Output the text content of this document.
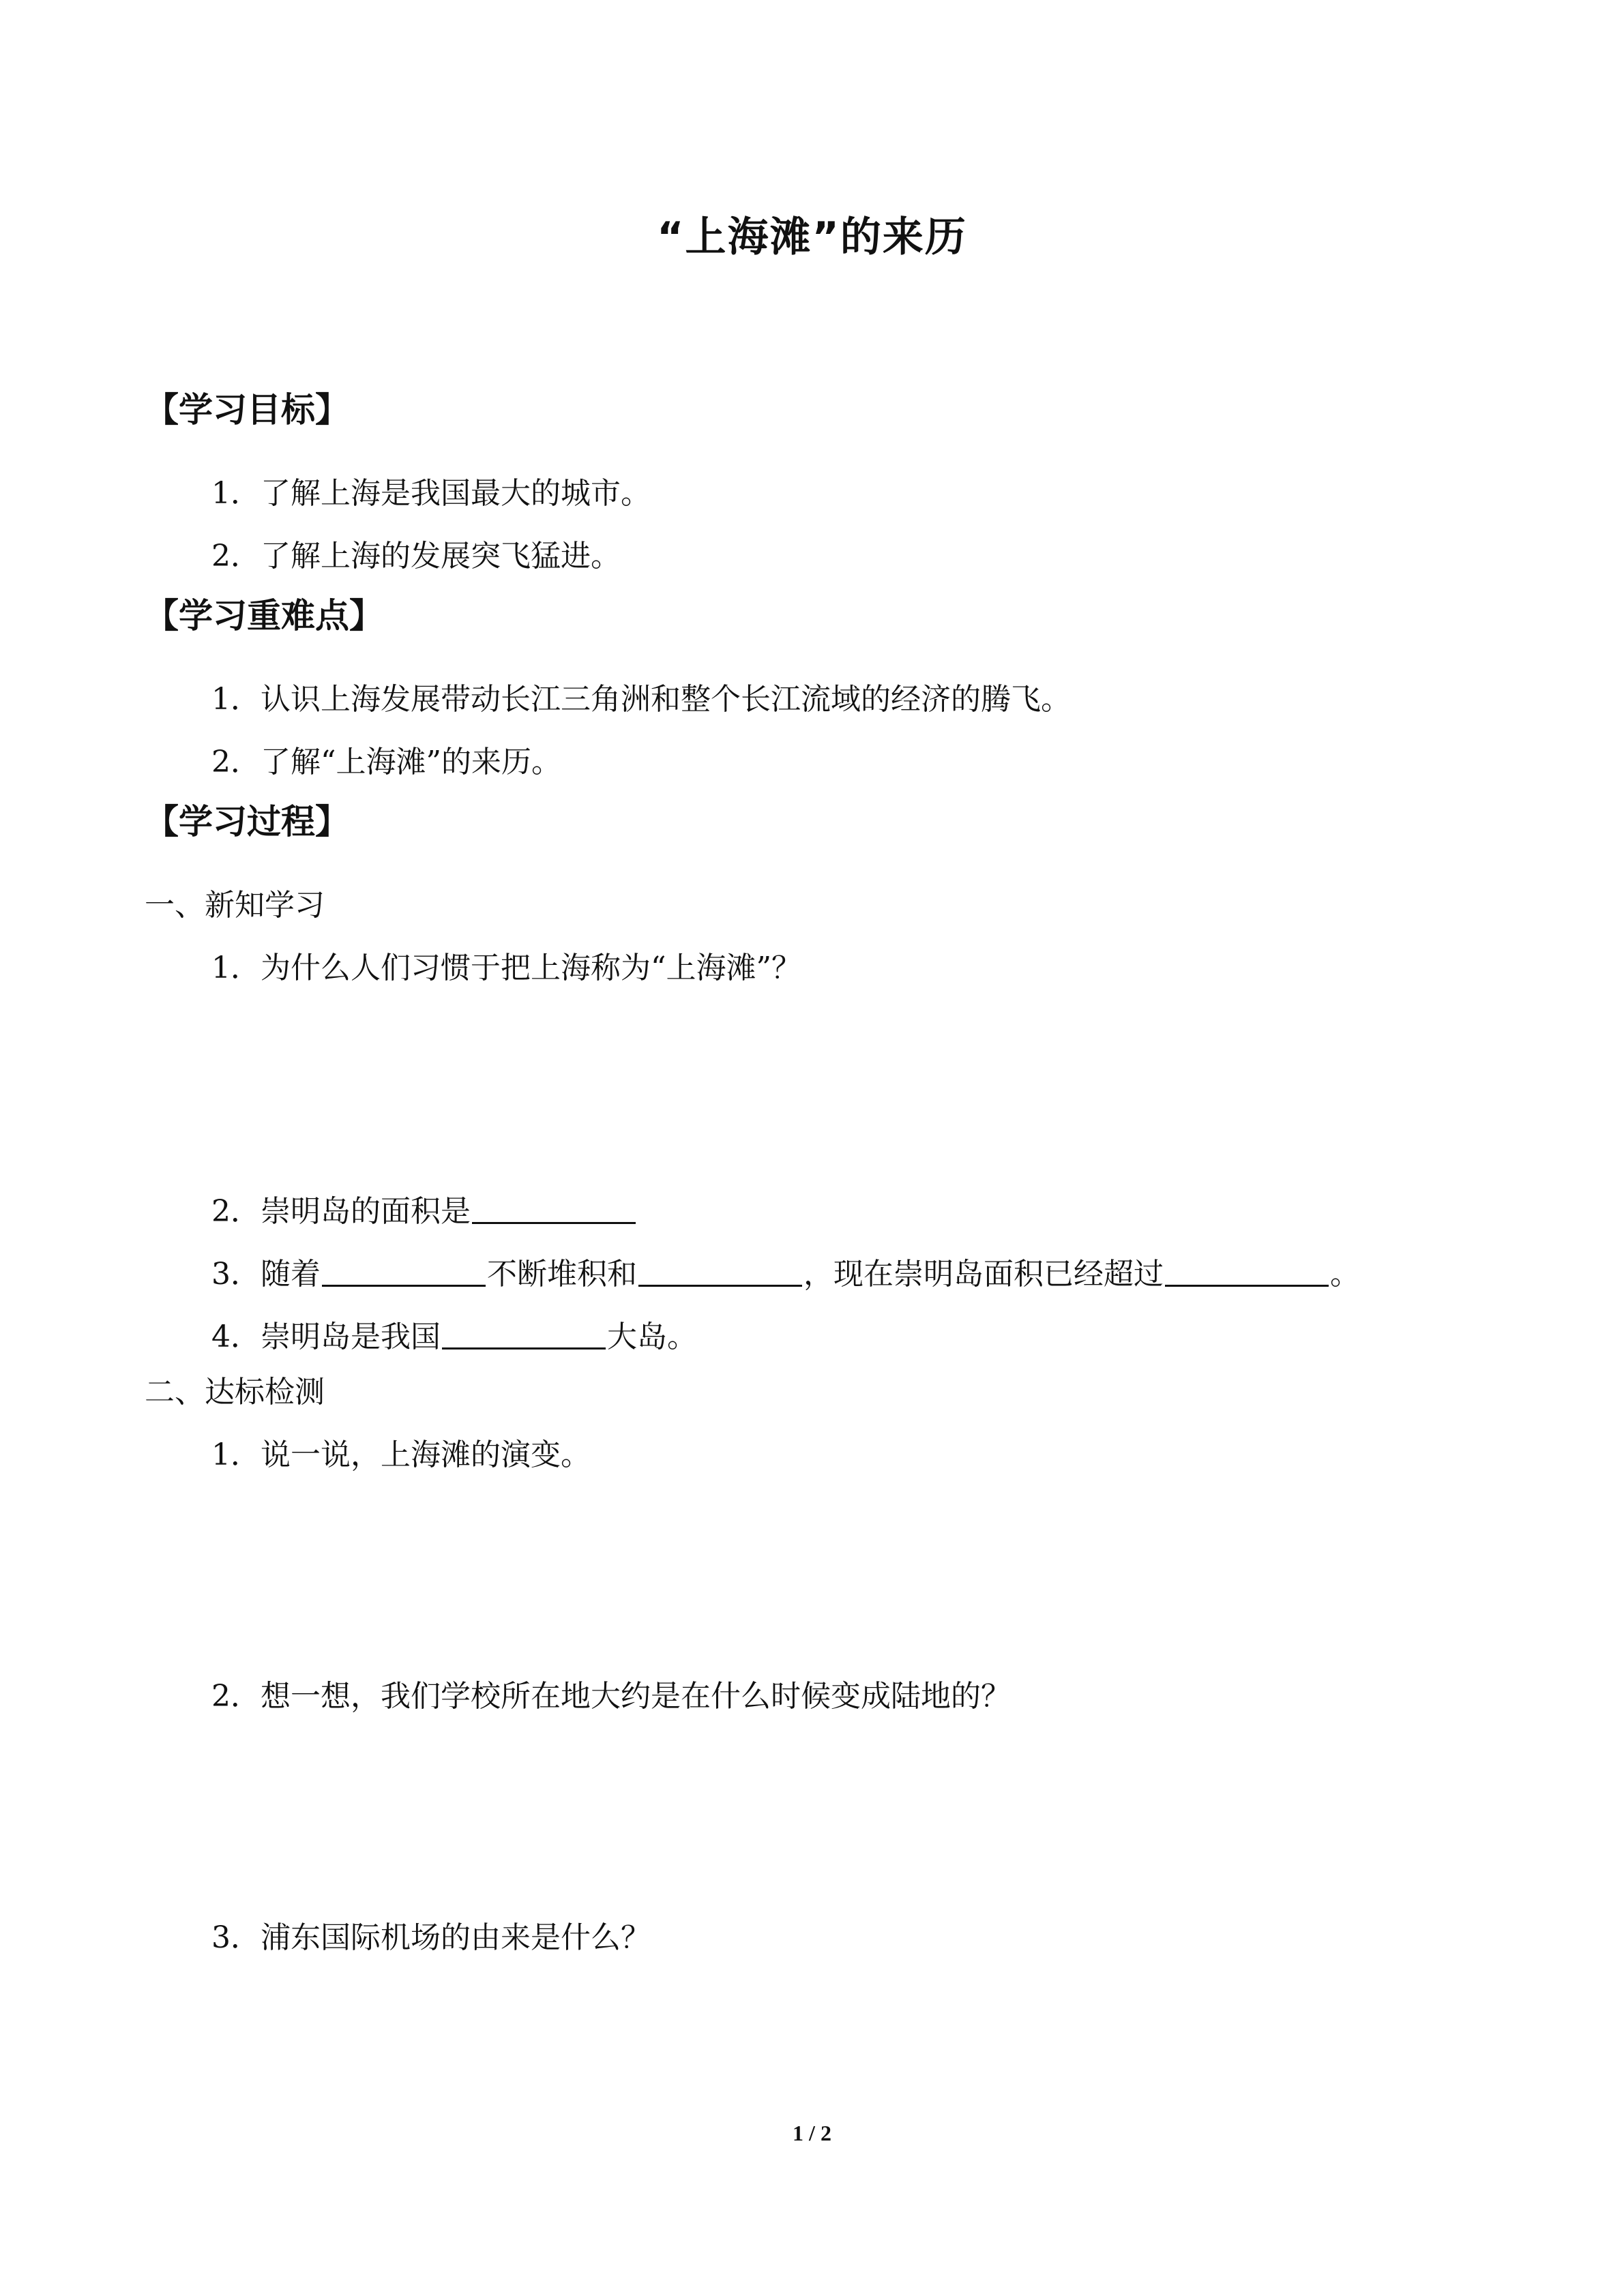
“上海滩”的来历
【学习目标】
1．了解上海是我国最大的城市。
2．了解上海的发展突飞猛进。
【学习重难点】
1．认识上海发展带动长江三角洲和整个长江流域的经济的腾飞。
2．了解“上海滩”的来历。
【学习过程】
一、新知学习
1．为什么人们习惯于把上海称为“上海滩”？
2．崇明岛的面积是
3．随着	不断堆积和	，现在崇明岛面积已经超过	。
4．崇明岛是我国	大岛。
二、达标检测
1．说一说，上海滩的演变。
2．想一想，我们学校所在地大约是在什么时候变成陆地的？
3．浦东国际机场的由来是什么？
1 / 2
